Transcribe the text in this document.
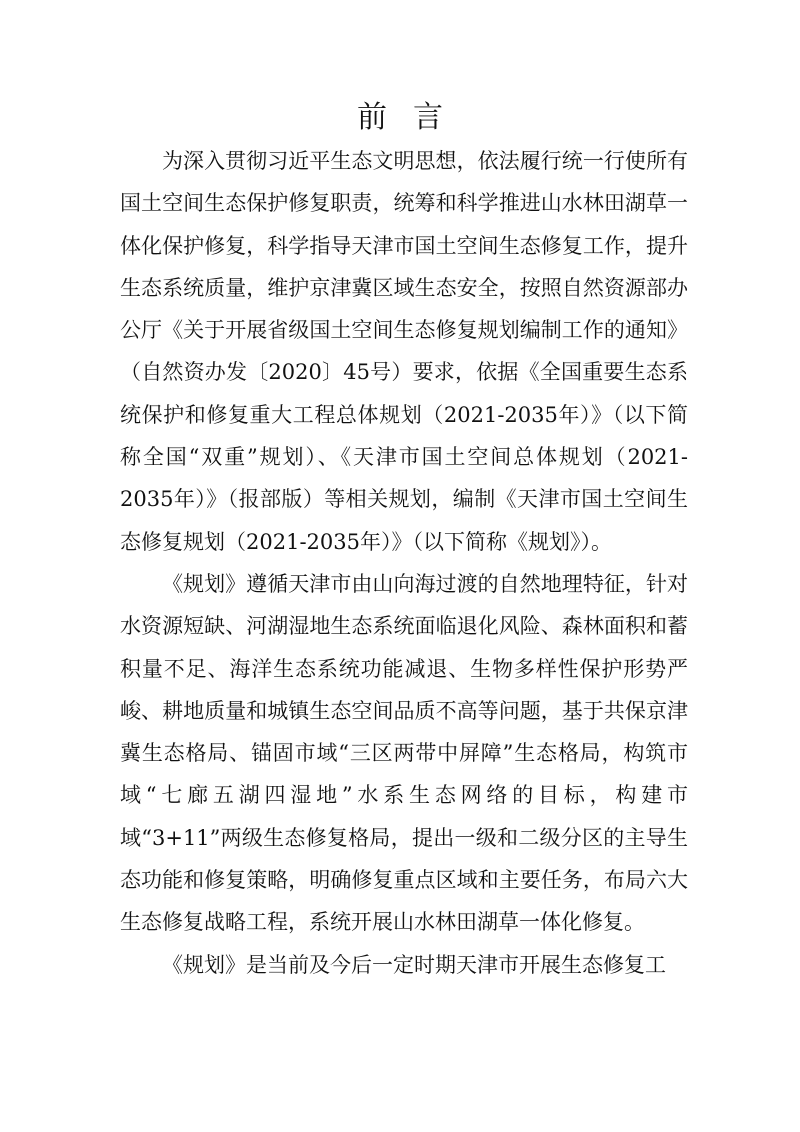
前言

为深入贯彻习近平生态文明思想，依法履行统一行使所有国土空间生态保护修复职责，统筹和科学推进山水林田湖草一体化保护修复，科学指导天津市国土空间生态修复工作，提升生态系统质量，维护京津冀区域生态安全，按照自然资源部办公厅《关于开展省级国土空间生态修复规划编制工作的通知》（自然资办发〔2020〕45号）要求，依据《全国重要生态系统保护和修复重大工程总体规划（2021-2035年）》（以下简称全国“双重”规划）、《天津市国土空间总体规划（2021-2035年）》（报部版）等相关规划，编制《天津市国土空间生态修复规划（2021-2035年）》（以下简称《规划》）。

《规划》遵循天津市由山向海过渡的自然地理特征，针对水资源短缺、河湖湿地生态系统面临退化风险、森林面积和蓄积量不足、海洋生态系统功能减退、生物多样性保护形势严峻、耕地质量和城镇生态空间品质不高等问题，基于共保京津冀生态格局、锚固市域“三区两带中屏障”生态格局，构筑市域“七廊五湖四湿地”水系生态网络的目标，构建市域“3+11”两级生态修复格局，提出一级和二级分区的主导生态功能和修复策略，明确修复重点区域和主要任务，布局六大生态修复战略工程，系统开展山水林田湖草一体化修复。

《规划》是当前及今后一定时期天津市开展生态修复工
